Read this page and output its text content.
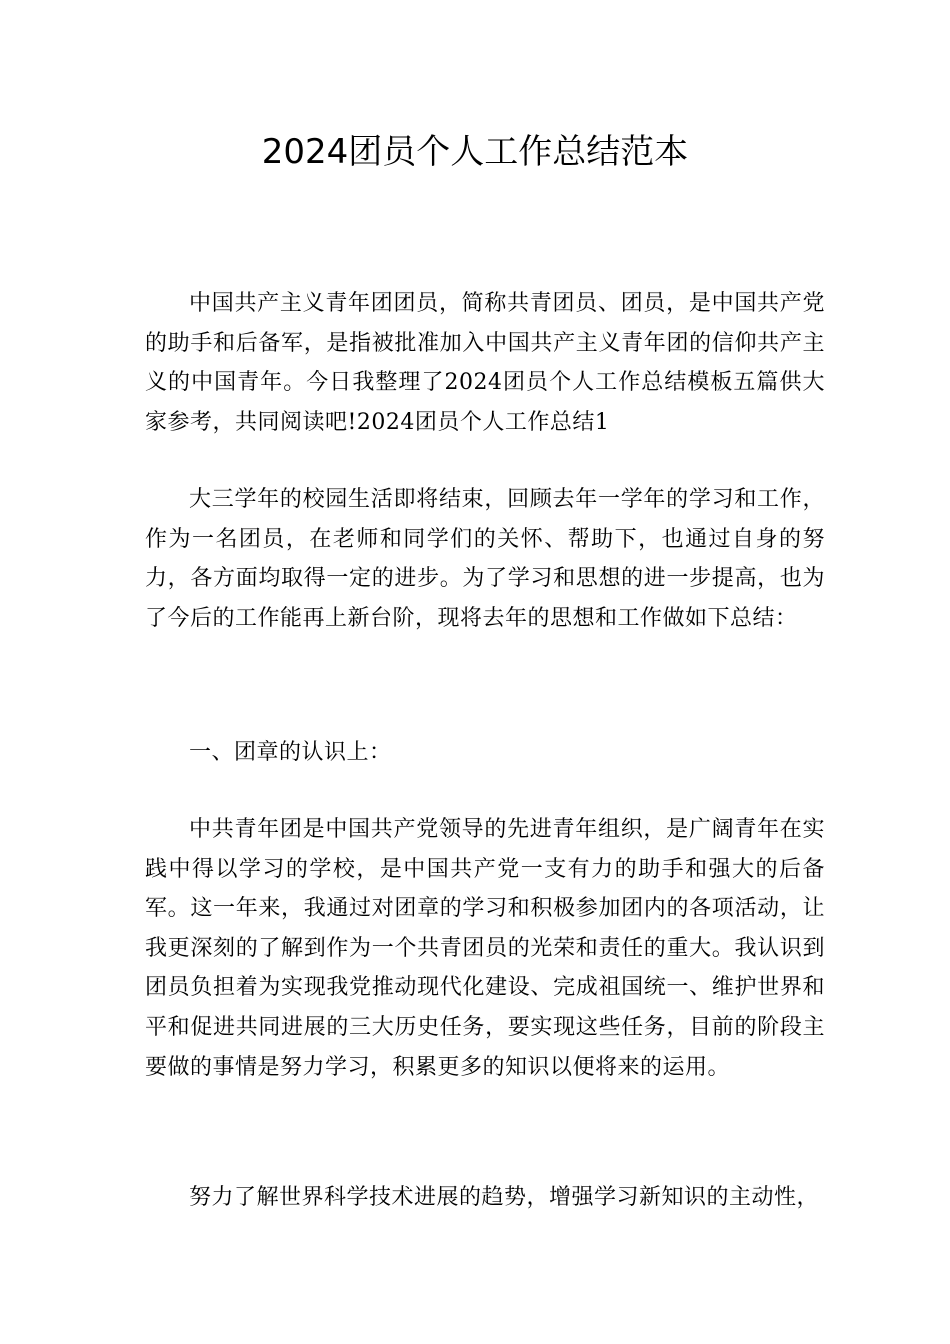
2024团员个人工作总结范本

中国共产主义青年团团员，简称共青团员、团员，是中国共产党的助手和后备军，是指被批准加入中国共产主义青年团的信仰共产主义的中国青年。今日我整理了2024团员个人工作总结模板五篇供大家参考，共同阅读吧!2024团员个人工作总结1

大三学年的校园生活即将结束，回顾去年一学年的学习和工作，作为一名团员，在老师和同学们的关怀、帮助下，也通过自身的努力，各方面均取得一定的进步。为了学习和思想的进一步提高，也为了今后的工作能再上新台阶，现将去年的思想和工作做如下总结：

一、团章的认识上：

中共青年团是中国共产党领导的先进青年组织，是广阔青年在实践中得以学习的学校，是中国共产党一支有力的助手和强大的后备军。这一年来，我通过对团章的学习和积极参加团内的各项活动，让我更深刻的了解到作为一个共青团员的光荣和责任的重大。我认识到团员负担着为实现我党推动现代化建设、完成祖国统一、维护世界和平和促进共同进展的三大历史任务，要实现这些任务，目前的阶段主要做的事情是努力学习，积累更多的知识以便将来的运用。

努力了解世界科学技术进展的趋势，增强学习新知识的主动性，
